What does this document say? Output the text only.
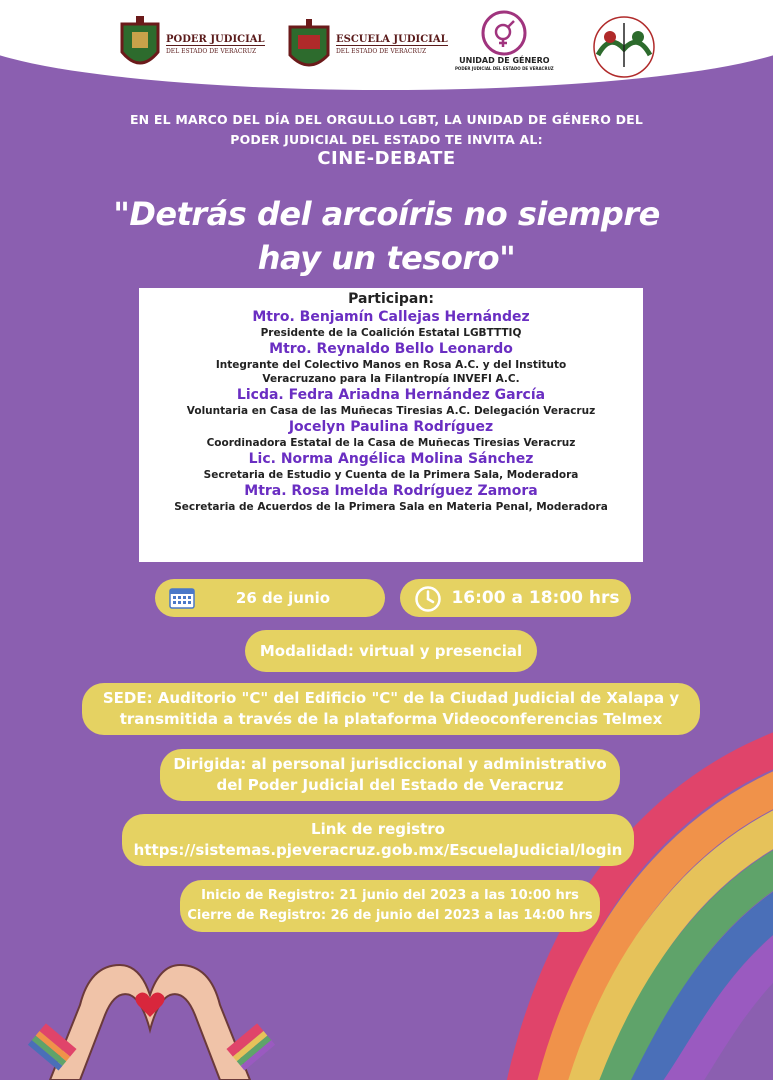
PODER JUDICIAL
DEL ESTADO DE VERACRUZ
ESCUELA JUDICIAL
DEL ESTADO DE VERACRUZ
UNIDAD DE GÉNERO
PODER JUDICIAL DEL ESTADO DE VERACRUZ
EN EL MARCO DEL DÍA DEL ORGULLO LGBT, LA UNIDAD DE GÉNERO DEL
PODER JUDICIAL DEL ESTADO TE INVITA AL:
CINE-DEBATE
"Detrás del arcoíris no siempre
hay un tesoro"
Participan:
Mtro. Benjamín Callejas Hernández
Presidente de la Coalición Estatal LGBTTTIQ
Mtro. Reynaldo Bello Leonardo
Integrante del Colectivo Manos en Rosa A.C. y del Instituto
Veracruzano para la Filantropía INVEFI A.C.
Licda. Fedra Ariadna Hernández García
Voluntaria en Casa de las Muñecas Tiresias A.C. Delegación Veracruz
Jocelyn Paulina Rodríguez
Coordinadora Estatal de la Casa de Muñecas Tiresias Veracruz
Lic. Norma Angélica Molina Sánchez
Secretaria de Estudio y Cuenta de la Primera Sala, Moderadora
Mtra. Rosa Imelda Rodríguez Zamora
Secretaria de Acuerdos de la Primera Sala en Materia Penal, Moderadora
26 de junio	16:00 a 18:00 hrs
Modalidad: virtual y presencial
SEDE: Auditorio "C" del Edificio "C" de la Ciudad Judicial de Xalapa y
transmitida a través de la plataforma Videoconferencias Telmex
Dirigida: al personal jurisdiccional y administrativo
del Poder Judicial del Estado de Veracruz
Link de registro
https://sistemas.pjeveracruz.gob.mx/EscuelaJudicial/login
Inicio de Registro: 21 junio del 2023 a las 10:00 hrs
Cierre de Registro: 26 de junio del 2023 a las 14:00 hrs
